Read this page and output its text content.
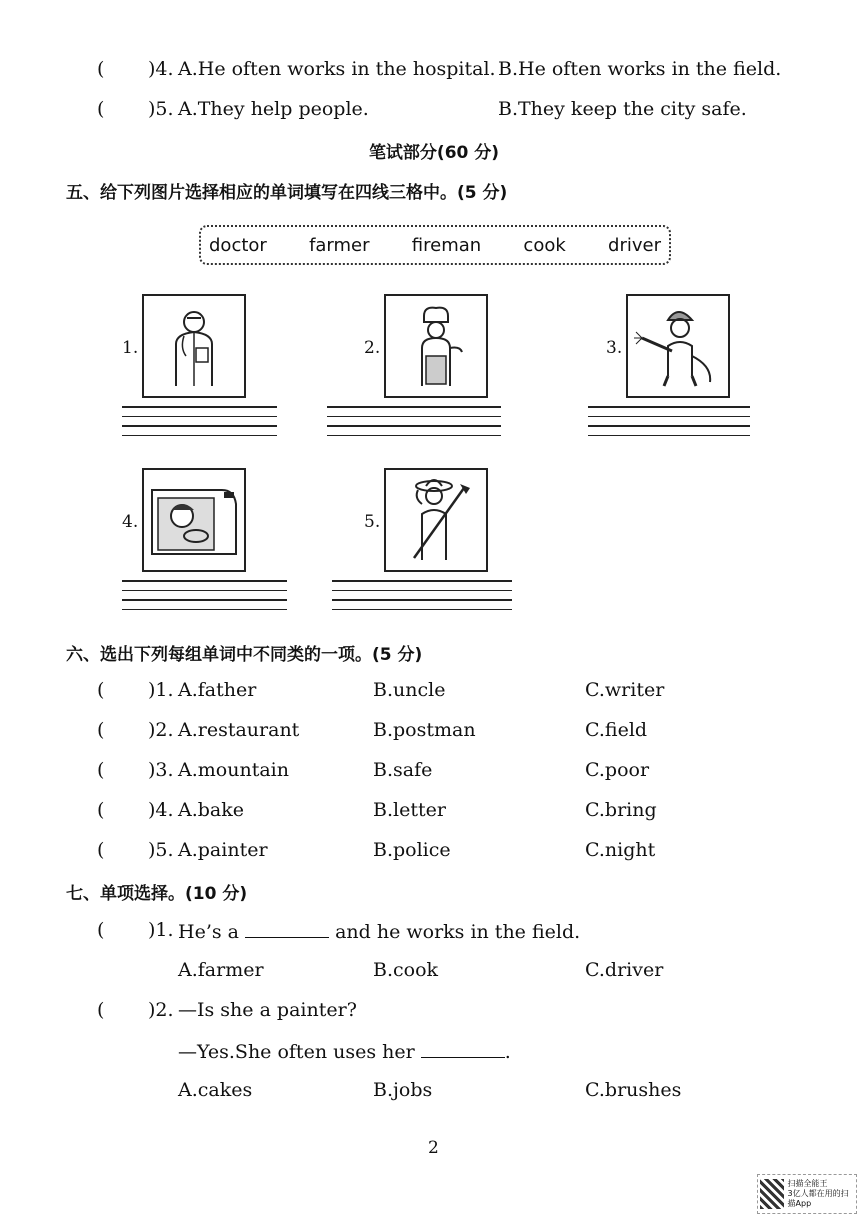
( )4. A.He often works in the hospital. B.He often works in the field.
( )5. A.They help people.	B.They keep the city safe.
笔试部分(60 分)
五、给下列图片选择相应的单词填写在四线三格中。(5 分)
doctor farmer fireman cook driver
1.	2.	3.
4.	5.
六、选出下列每组单词中不同类的一项。(5 分)
( )1. A.father	B.uncle	C.writer
( )2. A.restaurant	B.postman	C.field
( )3. A.mountain	B.safe	C.poor
( )4. A.bake	B.letter	C.bring
( )5. A.painter	B.police	C.night
七、单项选择。(10 分)
( )1. He’s a	and he works in the field.
A.farmer	B.cook	C.driver
( )2. —Is she a painter?
—Yes.She often uses her	.
A.cakes	B.jobs	C.brushes
2
扫描全能王
3亿人都在用的扫描App
